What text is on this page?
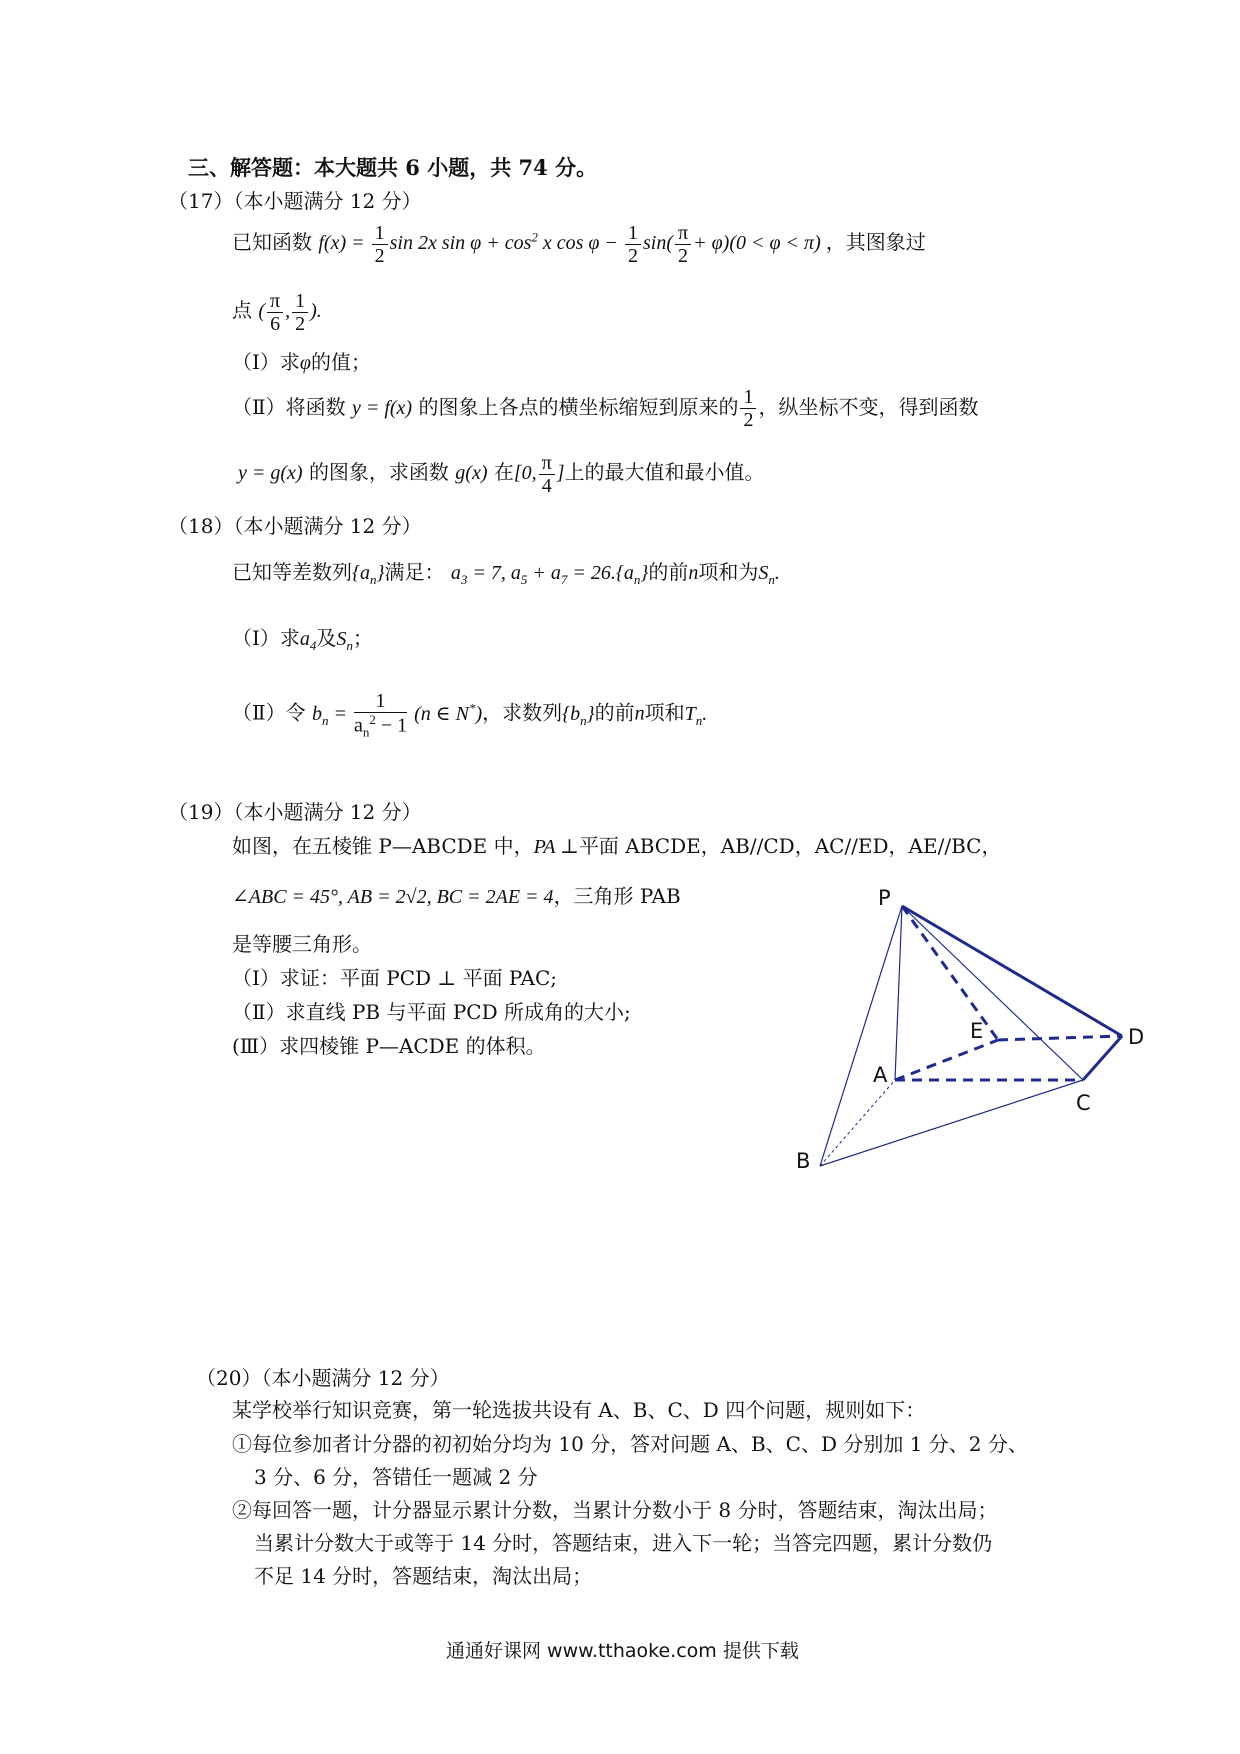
三、解答题：本大题共 6 小题，共 74 分。
（17）（本小题满分 12 分）
已知函数 $f(x) = \frac{1}{2}$ sin 2x $\sin \varphi + \cos^2 x$ $\cos \varphi - \frac{1}{2} \sin( \frac{\pi}{2} + \varphi)(0 < \varphi < \pi)$ ，其图象过
点 ( $\frac{\pi}{6}$ , $\frac{1}{2}$ ).
（Ⅰ）求φ的值；
（Ⅱ）将函数 y = f(x) 的图象上各点的横坐标缩短到原来的 $\frac{1}{2}$ ，纵坐标不变，得到函数
y = g(x) 的图象，求函数 g(x) 在[0, $\frac{\pi}{4}$ ]上的最大值和最小值。
（18）（本小题满分 12 分）
已知等差数列$\{a_n\}$满足： $a_3 = 7$, $a_5 + a_7 = 26.\{a_n\}$的前n项和为$S_n$.
（Ⅰ）求$a_4$及$S_n$；
（Ⅱ）令 $b_n = \frac{1}{a_n^2 - 1} (n$ ∈ N*)，求数列$\{b_n\}$的前n项和$T_n$.
（19）（本小题满分 12 分）
如图，在五棱锥 P—ABCDE 中，PA ⊥平面 ABCDE，AB//CD，AC//ED，AE//BC，
∠ABC = 45°, AB = 2√2, BC = 2AE = 4，三角形 PAB
是等腰三角形。
（Ⅰ）求证：平面 PCD ⊥ 平面 PAC;
（Ⅱ）求直线 PB 与平面 PCD 所成角的大小;
(Ⅲ）求四棱锥 P—ACDE 的体积。
P
E	D
A
C
B
（20）（本小题满分 12 分）
某学校举行知识竞赛，第一轮选拔共设有 A、B、C、D 四个问题，规则如下：
①每位参加者计分器的初初始分均为 10 分，答对问题 A、B、C、D 分别加 1 分、2 分、
3 分、6 分，答错任一题减 2 分
②每回答一题，计分器显示累计分数，当累计分数小于 8 分时，答题结束，淘汰出局；
当累计分数大于或等于 14 分时，答题结束，进入下一轮；当答完四题，累计分数仍
不足 14 分时，答题结束，淘汰出局；
通通好课网 www.tthaoke.com 提供下载
